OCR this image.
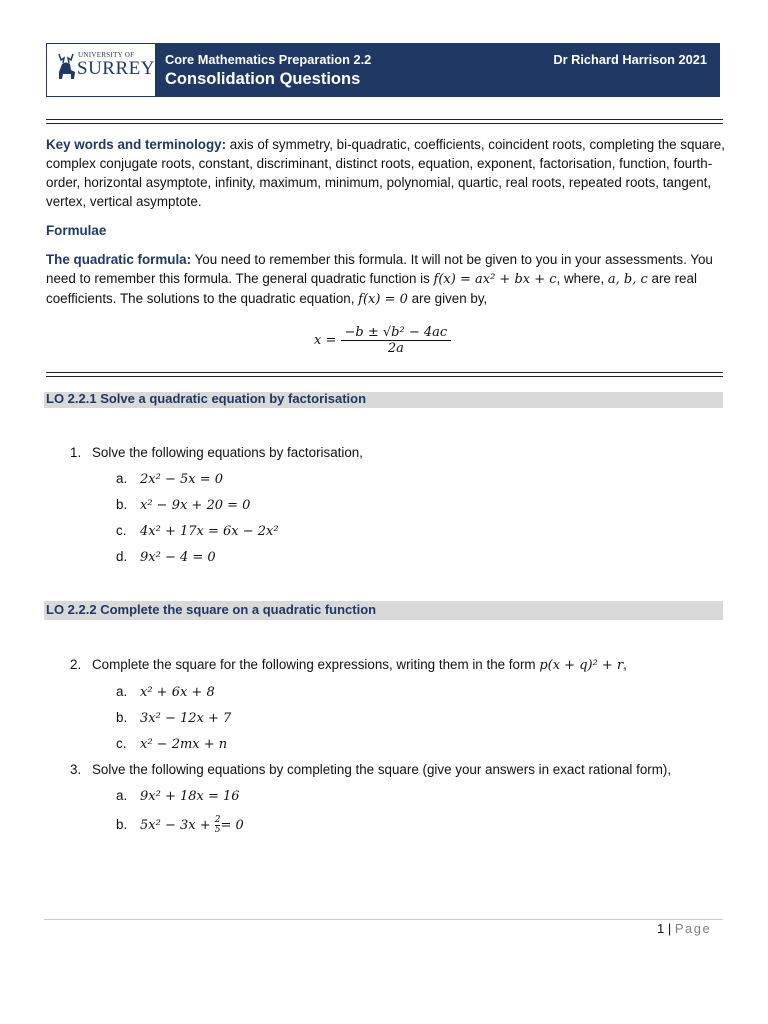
UNIVERSITY OF
SURREY Core Mathematics Preparation 2.2	Dr Richard Harrison 2021
Consolidation Questions
Key words and terminology: axis of symmetry, bi-quadratic, coefficients, coincident roots, completing the square, complex conjugate roots, constant, discriminant, distinct roots, equation, exponent, factorisation, function, fourth-order, horizontal asymptote, infinity, maximum, minimum, polynomial, quartic, real roots, repeated roots, tangent, vertex, vertical asymptote.
Formulae
The quadratic formula: You need to remember this formula. It will not be given to you in your assessments. You need to remember this formula. The general quadratic function is f(x) = ax² + bx + c, where, a, b, c are real coefficients. The solutions to the quadratic equation, f(x) = 0 are given by,
$x = \frac{\text{−b ± √b² − 4ac}}{2a}$
LO 2.2.1 Solve a quadratic equation by factorisation
1. Solve the following equations by factorisation,
a. 2x² − 5x = 0
b. x² − 9x + 20 = 0
c. 4x² + 17x = 6x − 2x²
d. 9x² − 4 = 0
LO 2.2.2 Complete the square on a quadratic function
2. Complete the square for the following expressions, writing them in the form p(x + q)² + r,
a. x² + 6x + 8
b. 3x² − 12x + 7
c. x² − 2mx + n
3. Solve the following equations by completing the square (give your answers in exact rational form),
a. 9x² + 18x = 16
b. $5x^2 - 3x + \frac{2}{5}= 0$
1 | Page
